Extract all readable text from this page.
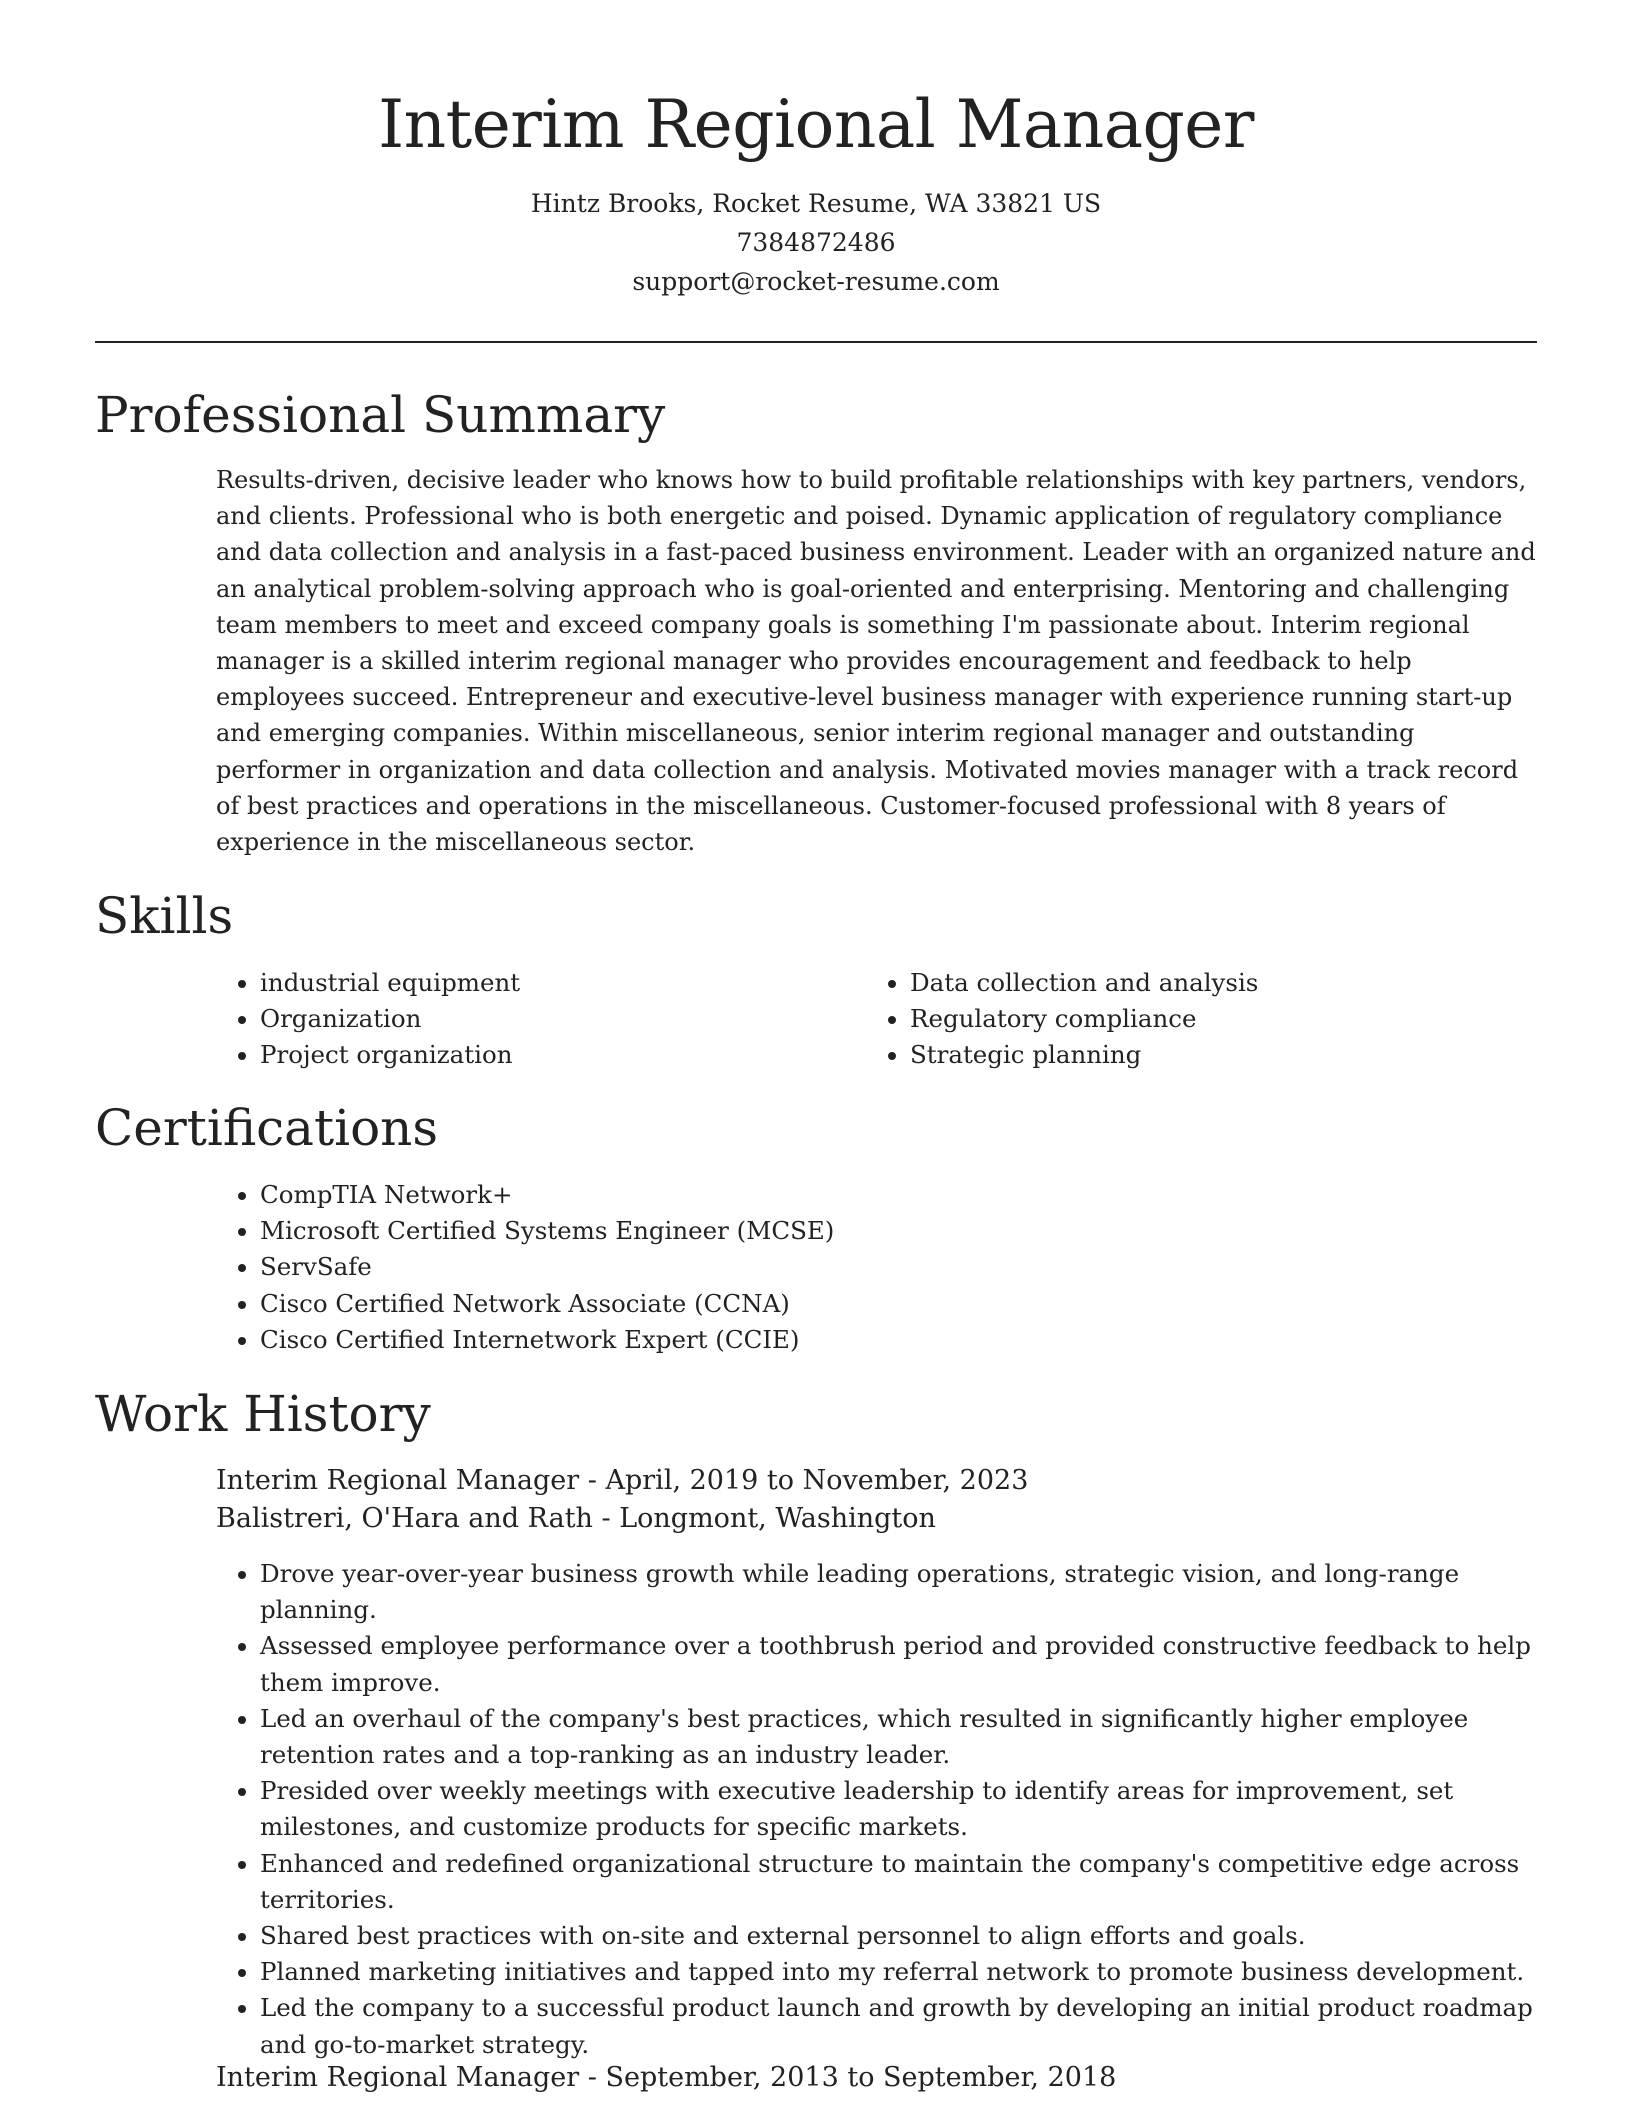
Interim Regional Manager
Hintz Brooks, Rocket Resume, WA 33821 US
7384872486
support@rocket-resume.com
Professional Summary

Results-driven, decisive leader who knows how to build profitable relationships with key partners, vendors, and clients. Professional who is both energetic and poised. Dynamic application of regulatory compliance and data collection and analysis in a fast-paced business environment. Leader with an organized nature and an analytical problem-solving approach who is goal-oriented and enterprising. Mentoring and challenging team members to meet and exceed company goals is something I'm passionate about. Interim regional manager is a skilled interim regional manager who provides encouragement and feedback to help employees succeed. Entrepreneur and executive-level business manager with experience running start-up and emerging companies. Within miscellaneous, senior interim regional manager and outstanding performer in organization and data collection and analysis. Motivated movies manager with a track record of best practices and operations in the miscellaneous. Customer-focused professional with 8 years of experience in the miscellaneous sector.

Skills
• industrial equipment
• Organization
• Project organization
• Data collection and analysis
• Regulatory compliance
• Strategic planning
Certifications
• CompTIA Network+
• Microsoft Certified Systems Engineer (MCSE)
• ServSafe
• Cisco Certified Network Associate (CCNA)
• Cisco Certified Internetwork Expert (CCIE)
Work History
Interim Regional Manager - April, 2019 to November, 2023
Balistreri, O'Hara and Rath - Longmont, Washington
• Drove year-over-year business growth while leading operations, strategic vision, and long-range planning.
• Assessed employee performance over a toothbrush period and provided constructive feedback to help them improve.
• Led an overhaul of the company's best practices, which resulted in significantly higher employee retention rates and a top-ranking as an industry leader.
• Presided over weekly meetings with executive leadership to identify areas for improvement, set milestones, and customize products for specific markets.
• Enhanced and redefined organizational structure to maintain the company's competitive edge across territories.
• Shared best practices with on-site and external personnel to align efforts and goals.
• Planned marketing initiatives and tapped into my referral network to promote business development.
• Led the company to a successful product launch and growth by developing an initial product roadmap and go-to-market strategy.
Interim Regional Manager - September, 2013 to September, 2018
